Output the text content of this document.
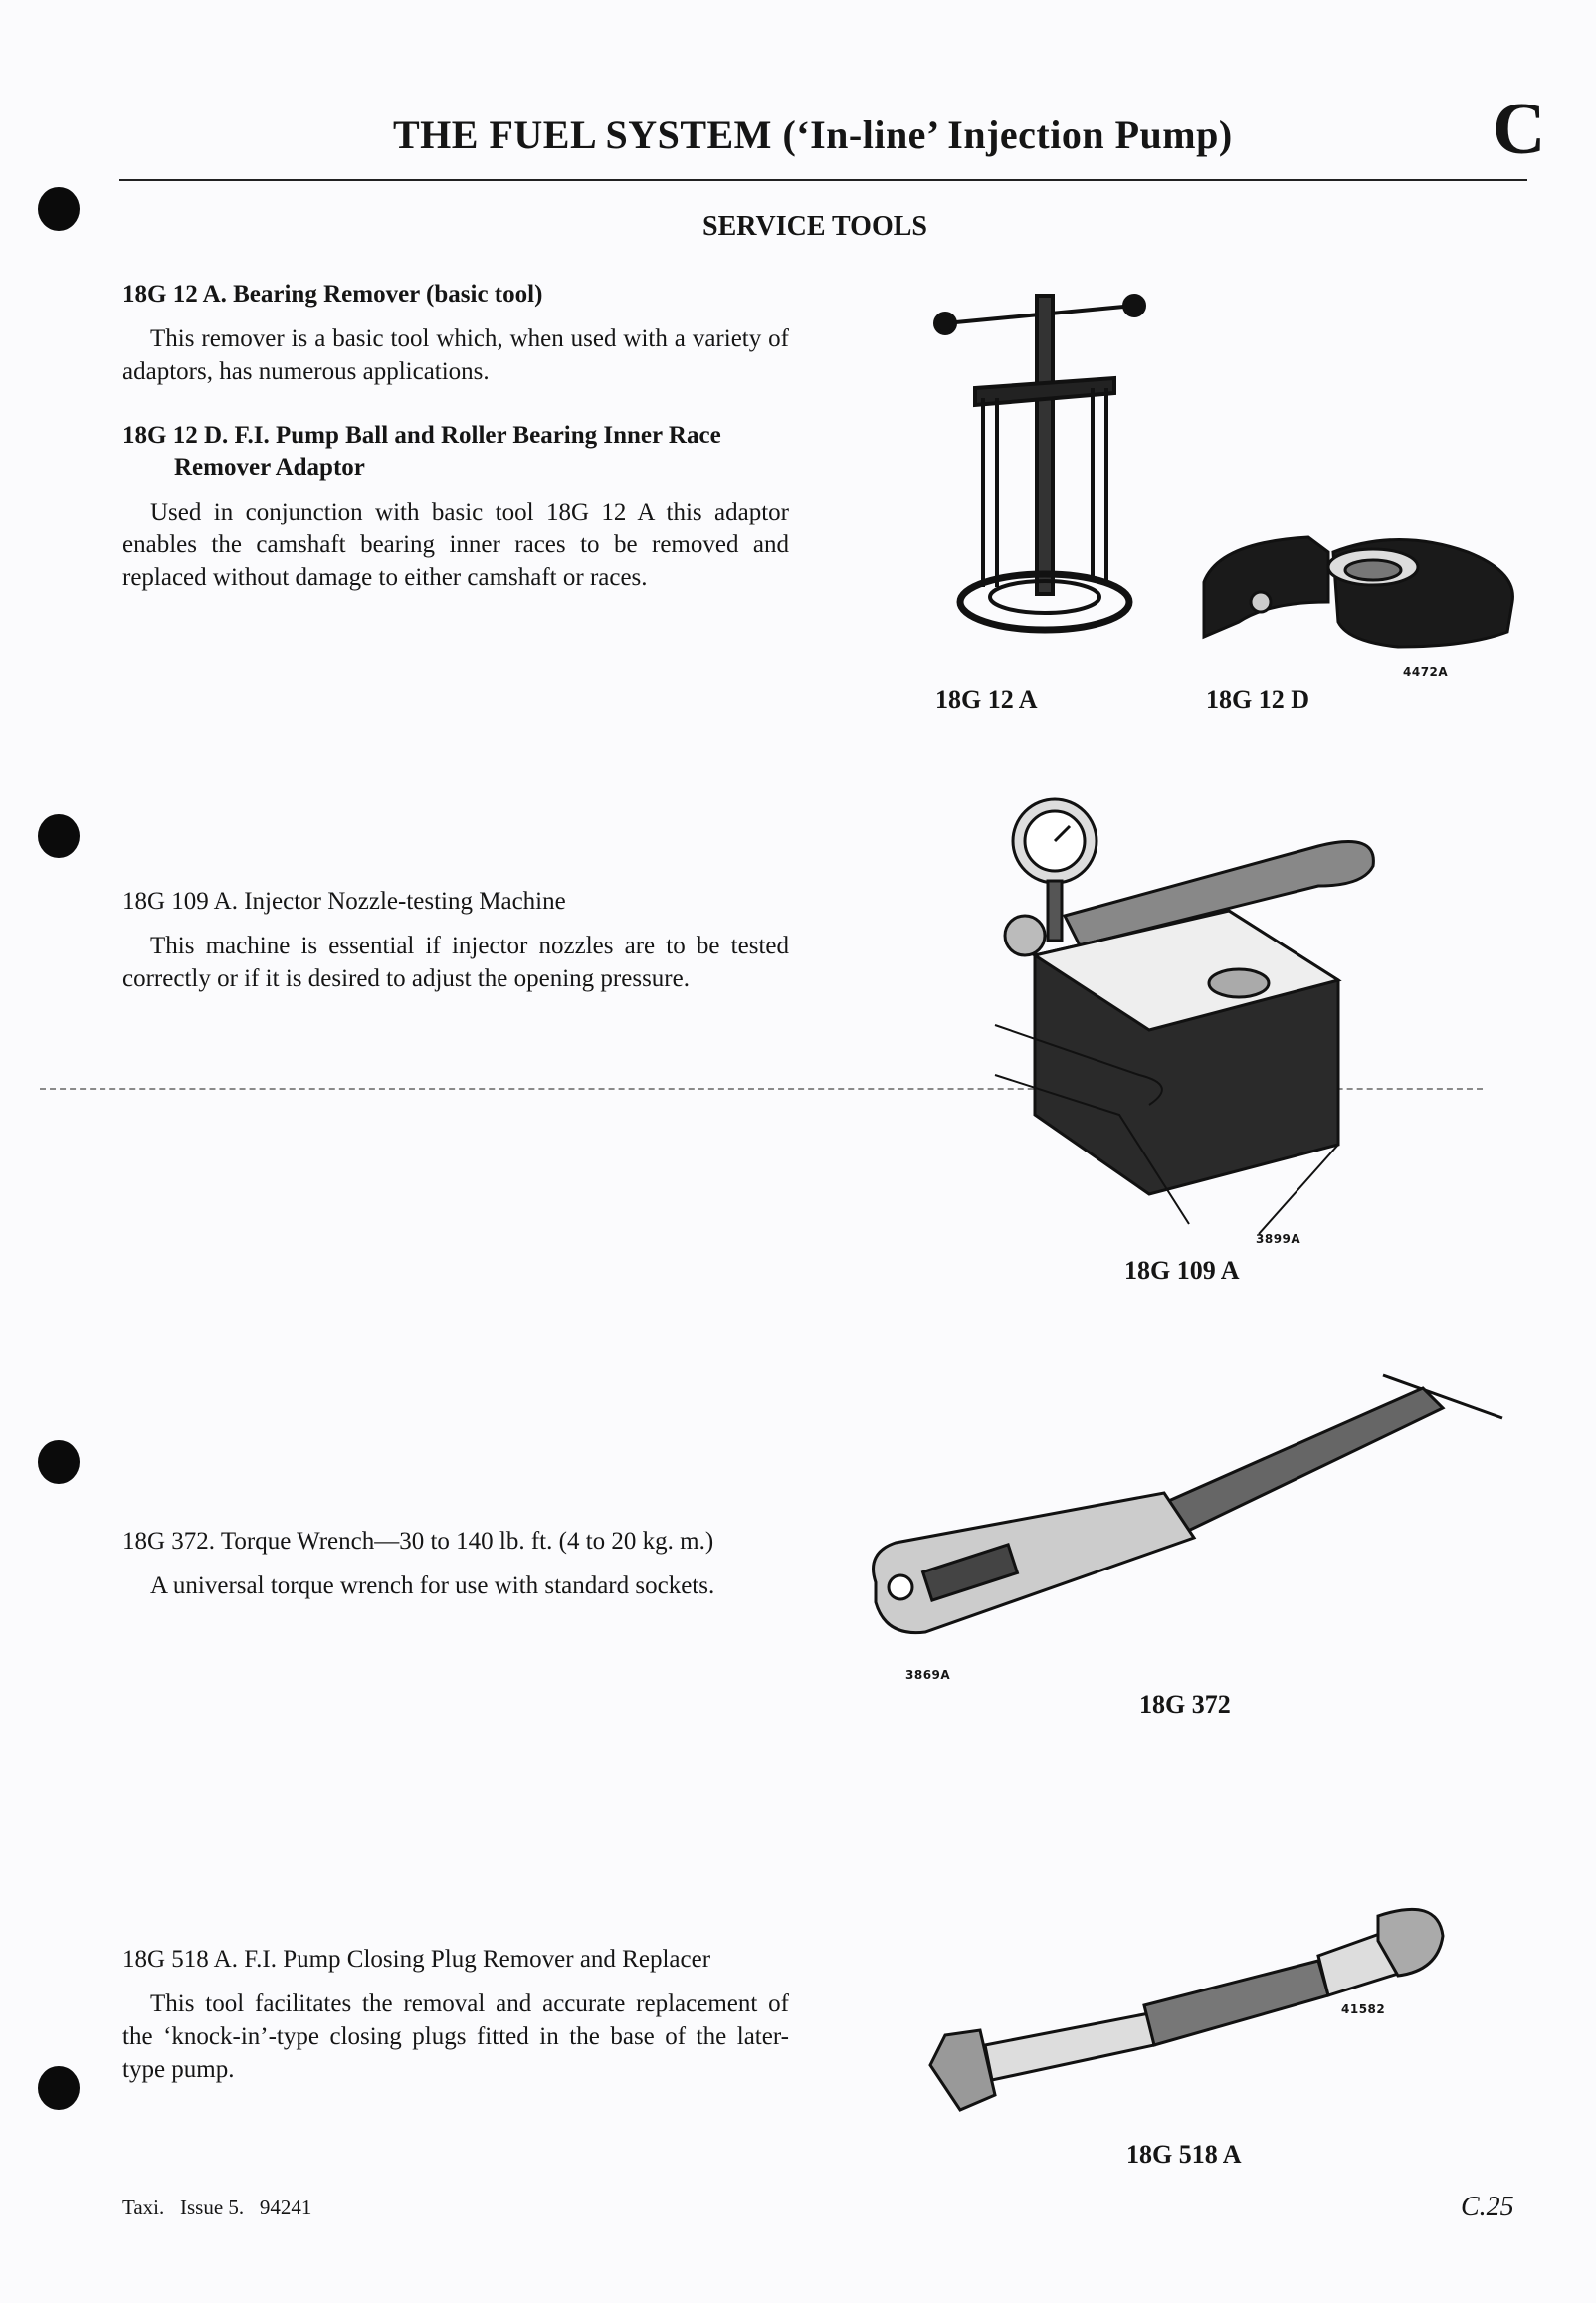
THE FUEL SYSTEM (‘In-line’ Injection Pump)	C
SERVICE TOOLS

18G 12 A. Bearing Remover (basic tool)

This remover is a basic tool which, when used with a variety of adaptors, has numerous applications.

18G 12 D. F.I. Pump Ball and Roller Bearing Inner Race Remover Adaptor

Used in conjunction with basic tool 18G 12 A this adaptor enables the camshaft bearing inner races to be removed and replaced without damage to either camshaft or races.

18G 109 A. Injector Nozzle-testing Machine

This machine is essential if injector nozzles are to be tested correctly or if it is desired to adjust the opening pressure.

18G 372. Torque Wrench—30 to 140 lb. ft. (4 to 20 kg. m.)

A universal torque wrench for use with standard sockets.

18G 518 A. F.I. Pump Closing Plug Remover and Replacer

This tool facilitates the removal and accurate replacement of the ‘knock-in’-type closing plugs fitted in the base of the later-type pump.

18G 12 A
4472A
18G 12 D
3899A
18G 109 A
3869A
18G 372
41582
18G 518 A
Taxi.   Issue 5.   94241	C.25
